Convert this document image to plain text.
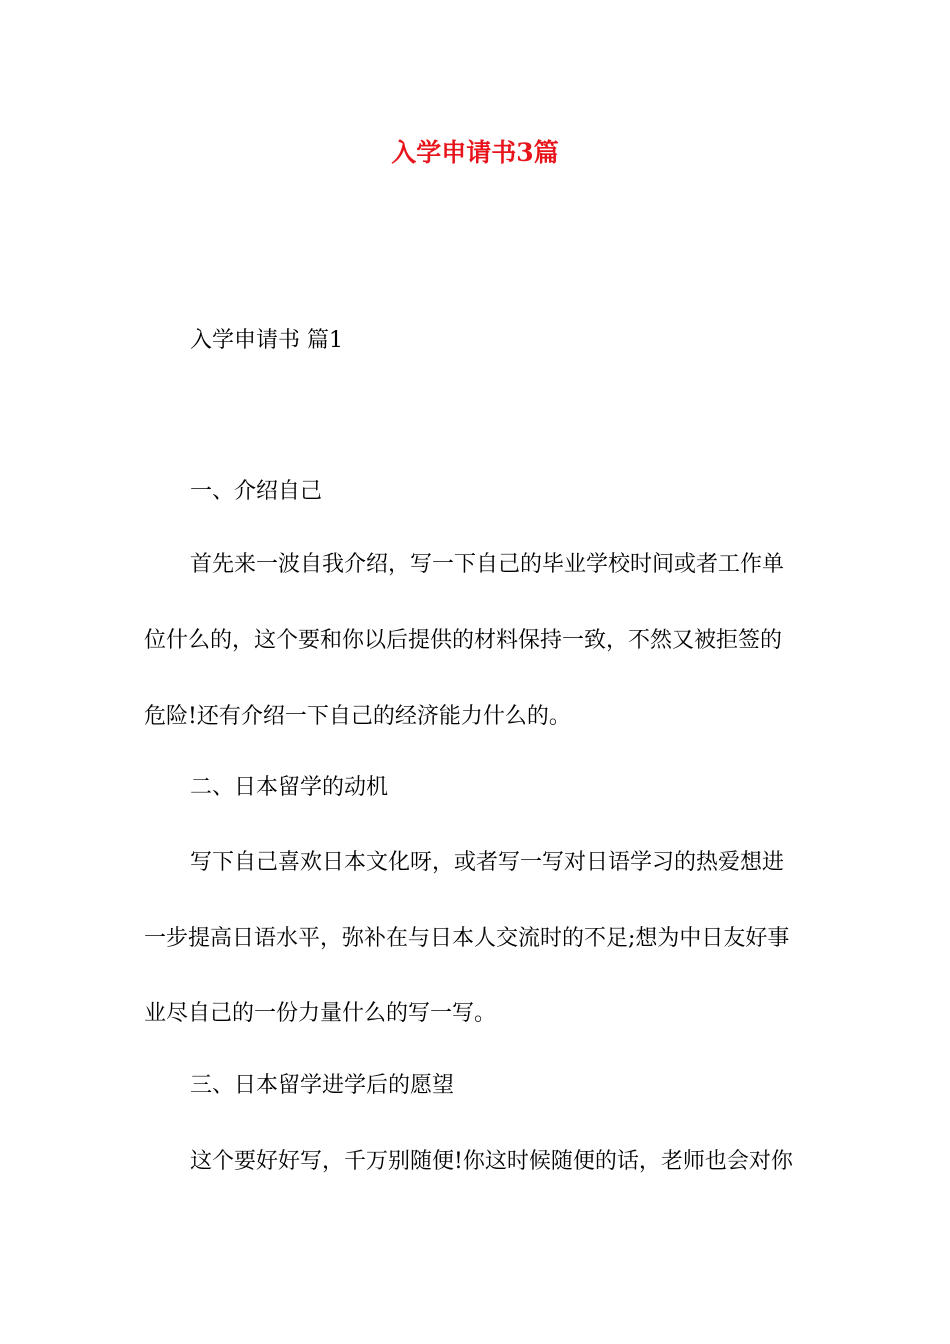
入学申请书3篇

入学申请书 篇1

一、介绍自己

首先来一波自我介绍，写一下自己的毕业学校时间或者工作单

位什么的，这个要和你以后提供的材料保持一致，不然又被拒签的

危险!还有介绍一下自己的经济能力什么的。

二、日本留学的动机

写下自己喜欢日本文化呀，或者写一写对日语学习的热爱想进

一步提高日语水平，弥补在与日本人交流时的不足;想为中日友好事

业尽自己的一份力量什么的写一写。

三、日本留学进学后的愿望

这个要好好写，千万别随便!你这时候随便的话，老师也会对你
